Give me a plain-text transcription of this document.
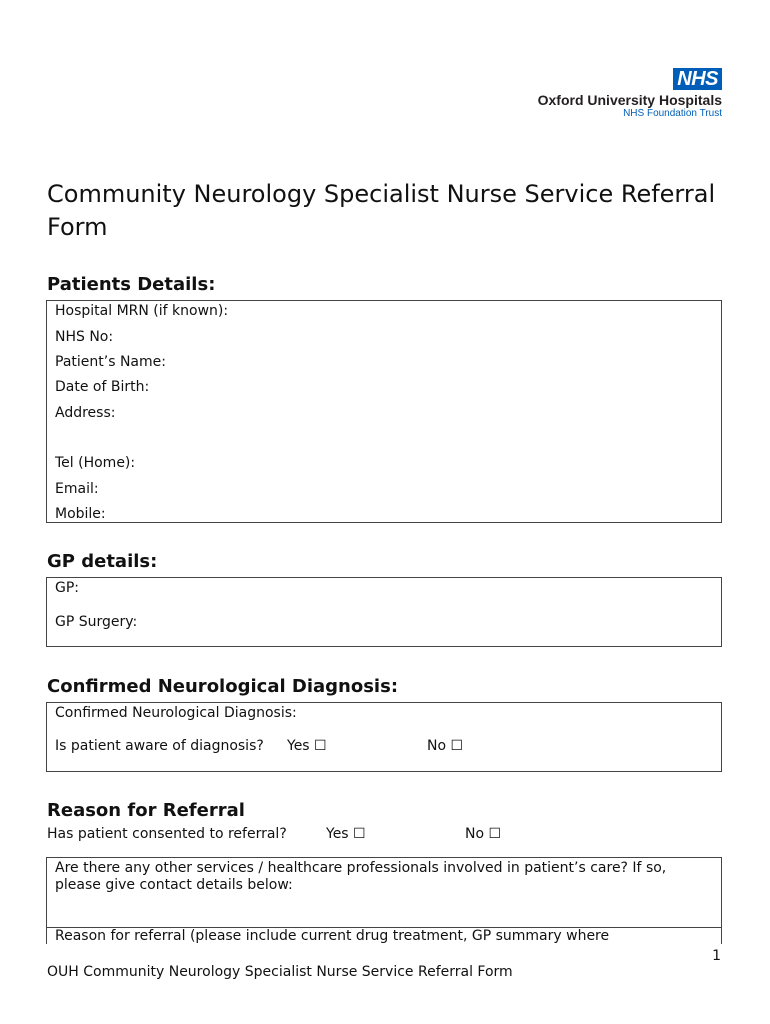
NHS
Oxford University Hospitals
NHS Foundation Trust
Community Neurology Specialist Nurse Service Referral Form
Patients Details:
Hospital MRN (if known):
NHS No:
Patient’s Name:
Date of Birth:
Address:
Tel (Home):
Email:
Mobile:
GP details:
GP:
GP Surgery:
Confirmed Neurological Diagnosis:
Confirmed Neurological Diagnosis:
Is patient aware of diagnosis? Yes ☐	No ☐
Reason for Referral
Has patient consented to referral?	Yes ☐	No ☐
Are there any other services / healthcare professionals involved in patient’s care? If so, please give contact details below:
Reason for referral (please include current drug treatment, GP summary where
1
OUH Community Neurology Specialist Nurse Service Referral Form
